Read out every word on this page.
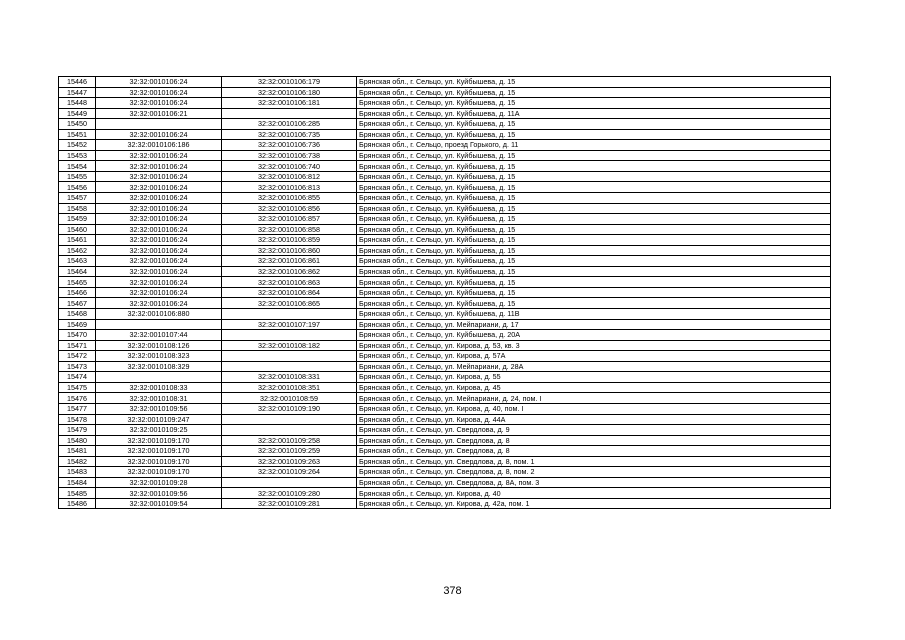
15446	32:32:0010106:24	32:32:0010106:179	Брянская обл., г. Сельцо, ул. Куйбышева, д. 15
15447	32:32:0010106:24	32:32:0010106:180	Брянская обл., г. Сельцо, ул. Куйбышева, д. 15
15448	32:32:0010106:24	32:32:0010106:181	Брянская обл., г. Сельцо, ул. Куйбышева, д. 15
15449	32:32:0010106:21		Брянская обл., г. Сельцо, ул. Куйбышева, д. 11А
15450		32:32:0010106:285	Брянская обл., г. Сельцо, ул. Куйбышева, д. 15
15451	32:32:0010106:24	32:32:0010106:735	Брянская обл., г. Сельцо, ул. Куйбышева, д. 15
15452	32:32:0010106:186	32:32:0010106:736	Брянская обл., г. Сельцо, проезд Горького, д. 11
15453	32:32:0010106:24	32:32:0010106:738	Брянская обл., г. Сельцо, ул. Куйбышева, д. 15
15454	32:32:0010106:24	32:32:0010106:740	Брянская обл., г. Сельцо, ул. Куйбышева, д. 15
15455	32:32:0010106:24	32:32:0010106:812	Брянская обл., г. Сельцо, ул. Куйбышева, д. 15
15456	32:32:0010106:24	32:32:0010106:813	Брянская обл., г. Сельцо, ул. Куйбышева, д. 15
15457	32:32:0010106:24	32:32:0010106:855	Брянская обл., г. Сельцо, ул. Куйбышева, д. 15
15458	32:32:0010106:24	32:32:0010106:856	Брянская обл., г. Сельцо, ул. Куйбышева, д. 15
15459	32:32:0010106:24	32:32:0010106:857	Брянская обл., г. Сельцо, ул. Куйбышева, д. 15
15460	32:32:0010106:24	32:32:0010106:858	Брянская обл., г. Сельцо, ул. Куйбышева, д. 15
15461	32:32:0010106:24	32:32:0010106:859	Брянская обл., г. Сельцо, ул. Куйбышева, д. 15
15462	32:32:0010106:24	32:32:0010106:860	Брянская обл., г. Сельцо, ул. Куйбышева, д. 15
15463	32:32:0010106:24	32:32:0010106:861	Брянская обл., г. Сельцо, ул. Куйбышева, д. 15
15464	32:32:0010106:24	32:32:0010106:862	Брянская обл., г. Сельцо, ул. Куйбышева, д. 15
15465	32:32:0010106:24	32:32:0010106:863	Брянская обл., г. Сельцо, ул. Куйбышева, д. 15
15466	32:32:0010106:24	32:32:0010106:864	Брянская обл., г. Сельцо, ул. Куйбышева, д. 15
15467	32:32:0010106:24	32:32:0010106:865	Брянская обл., г. Сельцо, ул. Куйбышева, д. 15
15468	32:32:0010106:880		Брянская обл., г. Сельцо, ул. Куйбышева, д. 11В
15469		32:32:0010107:197	Брянская обл., г. Сельцо, ул. Мейпариани, д. 17
15470	32:32:0010107:44		Брянская обл., г. Сельцо, ул. Куйбышева, д. 20А
15471	32:32:0010108:126	32:32:0010108:182	Брянская обл., г. Сельцо, ул. Кирова, д. 53, кв. 3
15472	32:32:0010108:323		Брянская обл., г. Сельцо, ул. Кирова, д. 57А
15473	32:32:0010108:329		Брянская обл., г. Сельцо, ул. Мейпариани, д. 28А
15474		32:32:0010108:331	Брянская обл., г. Сельцо, ул. Кирова, д. 55
15475	32:32:0010108:33	32:32:0010108:351	Брянская обл., г. Сельцо, ул. Кирова, д. 45
15476	32:32:0010108:31	32:32:0010108:59	Брянская обл., г. Сельцо, ул. Мейпариани, д. 24, пом. I
15477	32:32:0010109:56	32:32:0010109:190	Брянская обл., г. Сельцо, ул. Кирова, д. 40, пом. I
15478	32:32:0010109:247		Брянская обл., г. Сельцо, ул. Кирова, д. 44А
15479	32:32:0010109:25		Брянская обл., г. Сельцо, ул. Свердлова, д. 9
15480	32:32:0010109:170	32:32:0010109:258	Брянская обл., г. Сельцо, ул. Свердлова, д. 8
15481	32:32:0010109:170	32:32:0010109:259	Брянская обл., г. Сельцо, ул. Свердлова, д. 8
15482	32:32:0010109:170	32:32:0010109:263	Брянская обл., г. Сельцо, ул. Свердлова, д. 8, пом. 1
15483	32:32:0010109:170	32:32:0010109:264	Брянская обл., г. Сельцо, ул. Свердлова, д. 8, пом. 2
15484	32:32:0010109:28		Брянская обл., г. Сельцо, ул. Свердлова, д. 8А, пом. 3
15485	32:32:0010109:56	32:32:0010109:280	Брянская обл., г. Сельцо, ул. Кирова, д. 40
15486	32:32:0010109:54	32:32:0010109:281	Брянская обл., г. Сельцо, ул. Кирова, д. 42а, пом. 1
378
